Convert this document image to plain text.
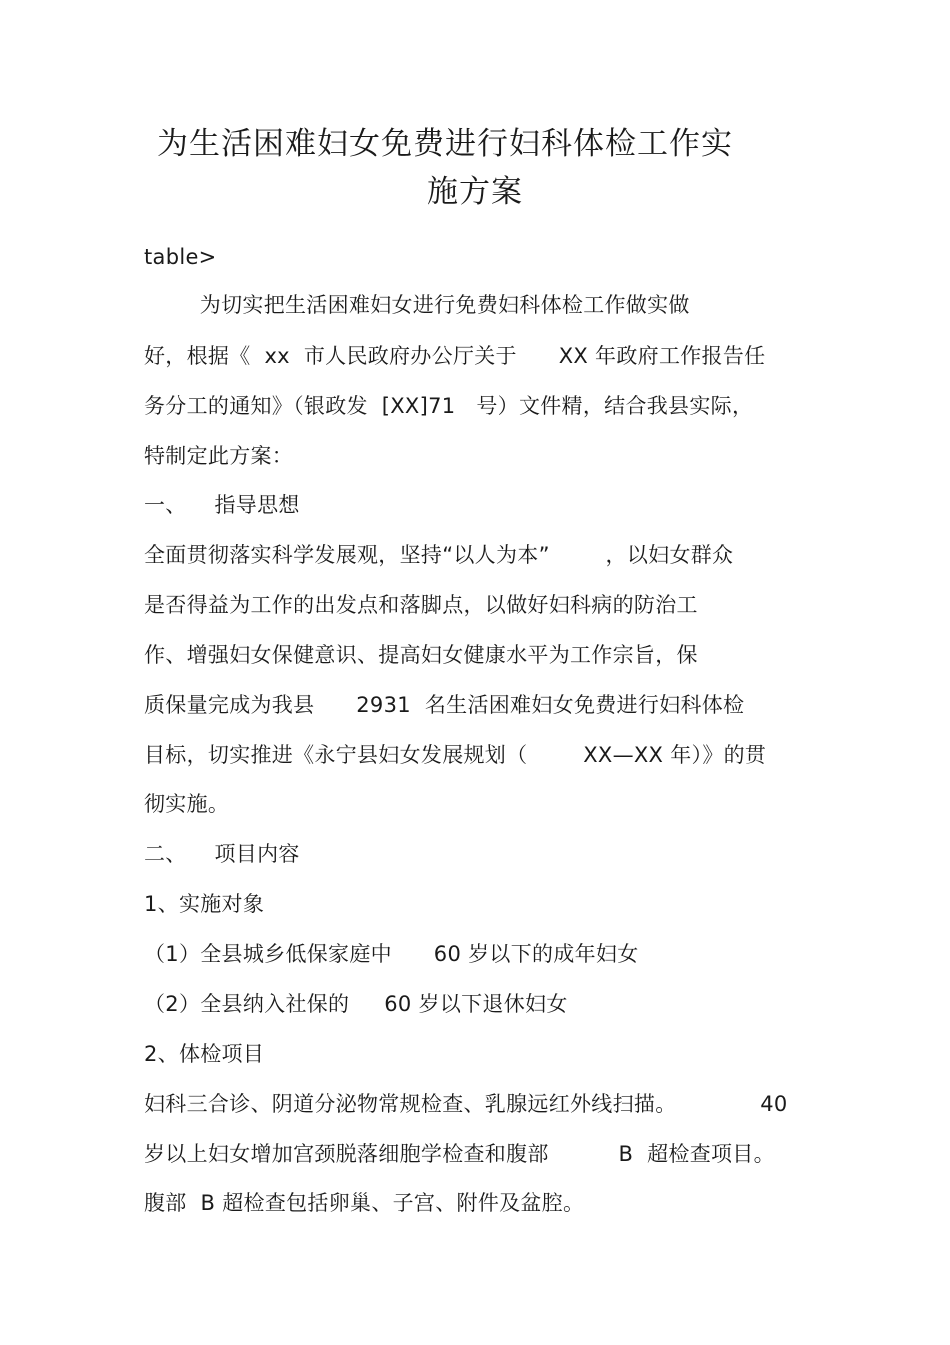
为生活困难妇女免费进行妇科体检工作实
施方案
table>
为切实把生活困难妇女进行免费妇科体检工作做实做
好，根据《  xx  市人民政府办公厅关于      XX 年政府工作报告任
务分工的通知》（银政发  [XX]71   号）文件精，结合我县实际，
特制定此方案：
一、    指导思想
全面贯彻落实科学发展观，坚持“以人为本”        ，以妇女群众
是否得益为工作的出发点和落脚点，以做好妇科病的防治工
作、增强妇女保健意识、提高妇女健康水平为工作宗旨，保
质保量完成为我县      2931  名生活困难妇女免费进行妇科体检
目标，切实推进《永宁县妇女发展规划（        XX—XX 年）》的贯
彻实施。
二、    项目内容
1、实施对象
（1）全县城乡低保家庭中      60 岁以下的成年妇女
（2）全县纳入社保的     60 岁以下退休妇女
2、体检项目
妇科三合诊、阴道分泌物常规检查、乳腺远红外线扫描。            40
岁以上妇女增加宫颈脱落细胞学检查和腹部          B  超检查项目。
腹部  B 超检查包括卵巢、子宫、附件及盆腔。
